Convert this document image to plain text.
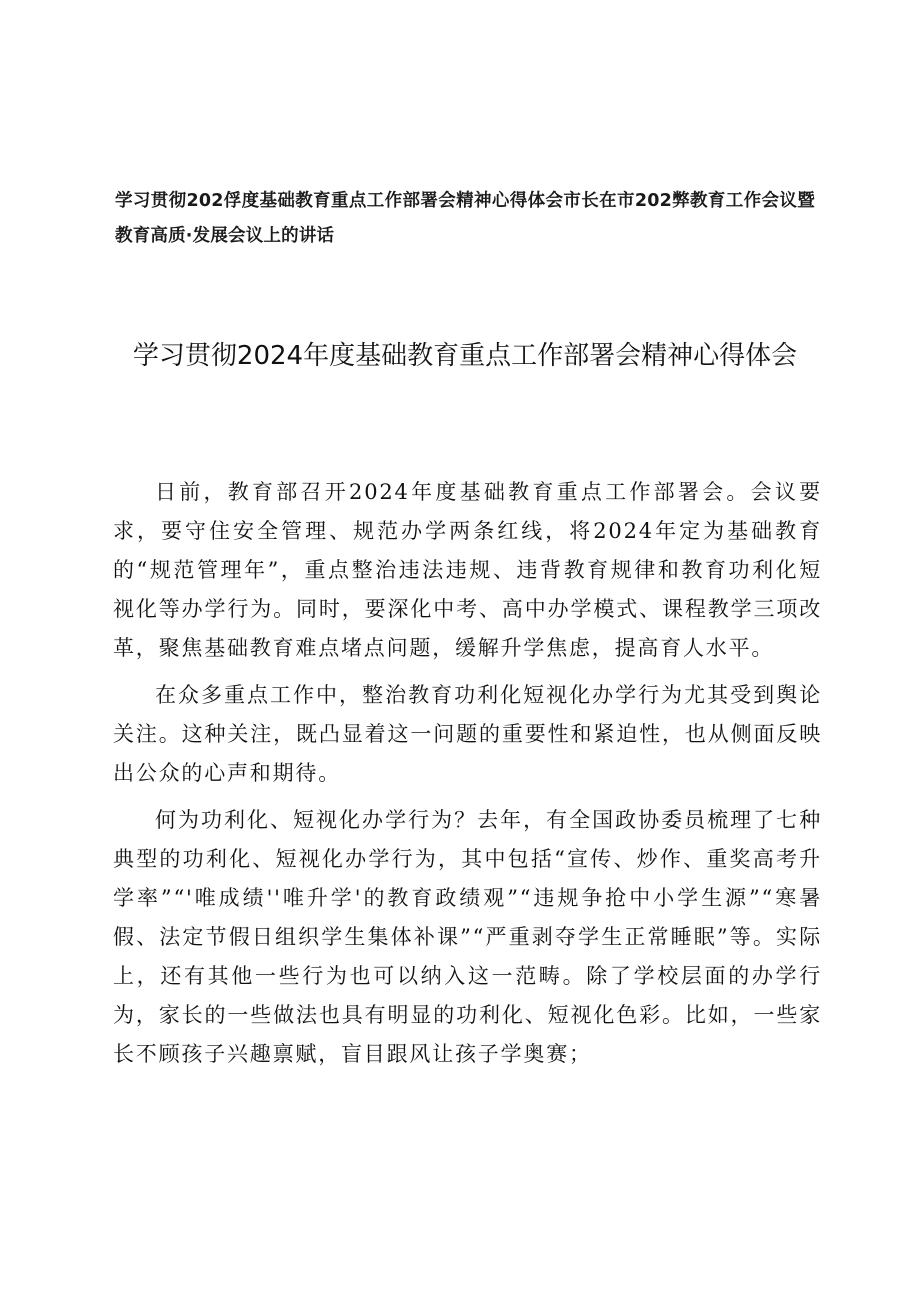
学习贯彻202俘度基础教育重点工作部署会精神心得体会市长在市202弊教育工作会议暨教育高质·发展会议上的讲话
学习贯彻2024年度基础教育重点工作部署会精神心得体会

日前，教育部召开2024年度基础教育重点工作部署会。会议要求，要守住安全管理、规范办学两条红线，将2024年定为基础教育的“规范管理年”，重点整治违法违规、违背教育规律和教育功利化短视化等办学行为。同时，要深化中考、高中办学模式、课程教学三项改革，聚焦基础教育难点堵点问题，缓解升学焦虑，提高育人水平。

在众多重点工作中，整治教育功利化短视化办学行为尤其受到舆论关注。这种关注，既凸显着这一问题的重要性和紧迫性，也从侧面反映出公众的心声和期待。

何为功利化、短视化办学行为？去年，有全国政协委员梳理了七种典型的功利化、短视化办学行为，其中包括“宣传、炒作、重奖高考升学率”“'唯成绩''唯升学'的教育政绩观”“违规争抢中小学生源”“寒暑假、法定节假日组织学生集体补课”“严重剥夺学生正常睡眠”等。实际上，还有其他一些行为也可以纳入这一范畴。除了学校层面的办学行为，家长的一些做法也具有明显的功利化、短视化色彩。比如，一些家长不顾孩子兴趣禀赋，盲目跟风让孩子学奥赛；
